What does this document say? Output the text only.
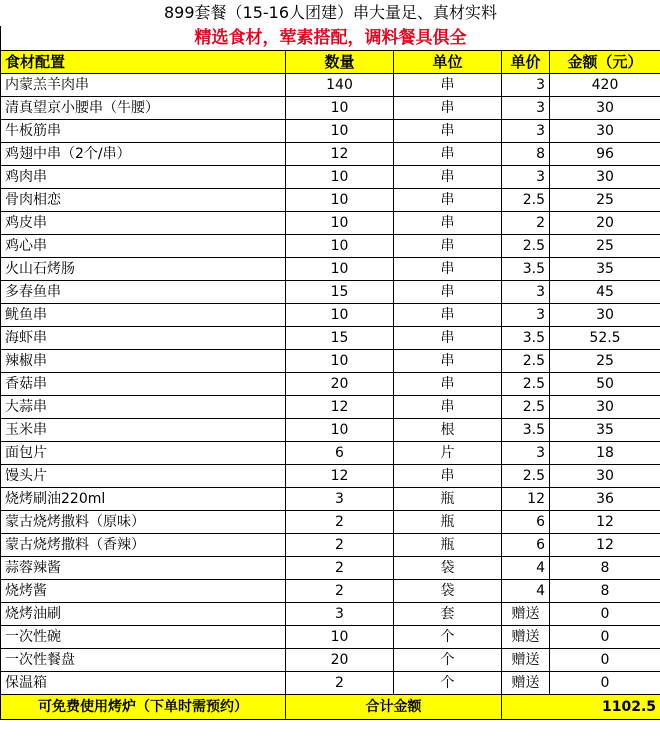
899套餐（15-16人团建）串大量足、真材实料				
精选食材，荤素搭配，调料餐具俱全				
食材配置	数量	单位	单价	金额（元）
内蒙羔羊肉串	140	串	3	420
清真望京小腰串（牛腰）	10	串	3	30
牛板筋串	10	串	3	30
鸡翅中串（2个/串）	12	串	8	96
鸡肉串	10	串	3	30
骨肉相恋	10	串	2.5	25
鸡皮串	10	串	2	20
鸡心串	10	串	2.5	25
火山石烤肠	10	串	3.5	35
多春鱼串	15	串	3	45
鱿鱼串	10	串	3	30
海虾串	15	串	3.5	52.5
辣椒串	10	串	2.5	25
香菇串	20	串	2.5	50
大蒜串	12	串	2.5	30
玉米串	10	根	3.5	35
面包片	6	片	3	18
馒头片	12	串	2.5	30
烧烤刷油220ml	3	瓶	12	36
蒙古烧烤撒料（原味）	2	瓶	6	12
蒙古烧烤撒料（香辣）	2	瓶	6	12
蒜蓉辣酱	2	袋	4	8
烧烤酱	2	袋	4	8
烧烤油刷	3	套	赠送	0
一次性碗	10	个	赠送	0
一次性餐盘	20	个	赠送	0
保温箱	2	个	赠送	0
可免费使用烤炉（下单时需预约）	合计金额		1102.5	
